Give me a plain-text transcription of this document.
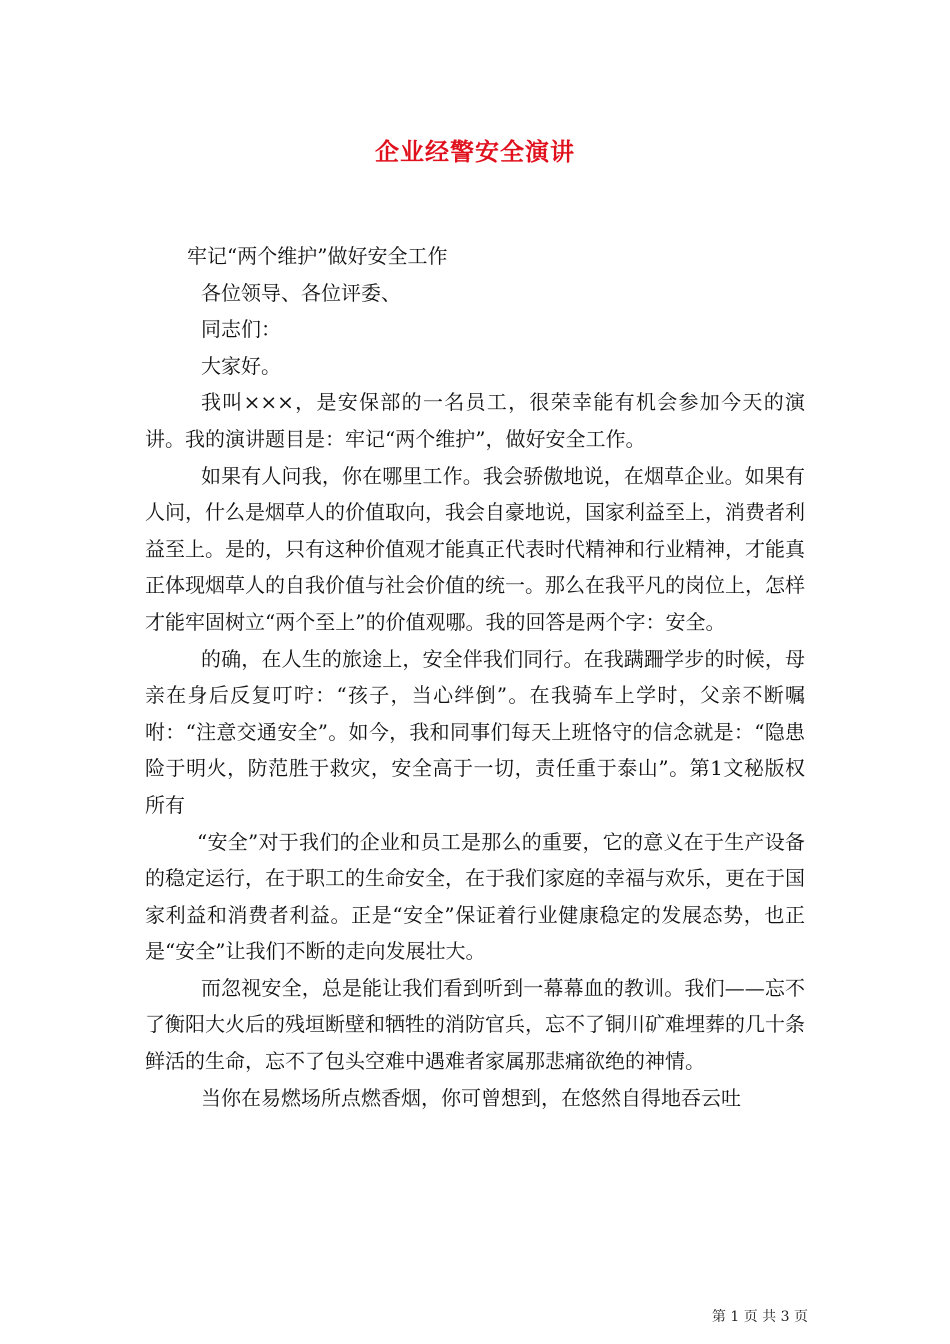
企业经警安全演讲

牢记“两个维护”做好安全工作

各位领导、各位评委、

同志们：

大家好。

我叫×××，是安保部的一名员工，很荣幸能有机会参加今天的演讲。我的演讲题目是：牢记“两个维护”，做好安全工作。

如果有人问我，你在哪里工作。我会骄傲地说，在烟草企业。如果有人问，什么是烟草人的价值取向，我会自豪地说，国家利益至上，消费者利益至上。是的，只有这种价值观才能真正代表时代精神和行业精神，才能真正体现烟草人的自我价值与社会价值的统一。那么在我平凡的岗位上，怎样才能牢固树立“两个至上”的价值观哪。我的回答是两个字：安全。

的确，在人生的旅途上，安全伴我们同行。在我蹒跚学步的时候，母亲在身后反复叮咛：“孩子，当心绊倒”。在我骑车上学时，父亲不断嘱咐：“注意交通安全”。如今，我和同事们每天上班恪守的信念就是：“隐患险于明火，防范胜于救灾，安全高于一切，责任重于泰山”。第1文秘版权所有

“安全”对于我们的企业和员工是那么的重要，它的意义在于生产设备的稳定运行，在于职工的生命安全，在于我们家庭的幸福与欢乐，更在于国家利益和消费者利益。正是“安全”保证着行业健康稳定的发展态势，也正是“安全”让我们不断的走向发展壮大。

而忽视安全，总是能让我们看到听到一幕幕血的教训。我们——忘不了衡阳大火后的残垣断壁和牺牲的消防官兵，忘不了铜川矿难埋葬的几十条鲜活的生命，忘不了包头空难中遇难者家属那悲痛欲绝的神情。

当你在易燃场所点燃香烟，你可曾想到，在悠然自得地吞云吐

第 1 页 共 3 页
